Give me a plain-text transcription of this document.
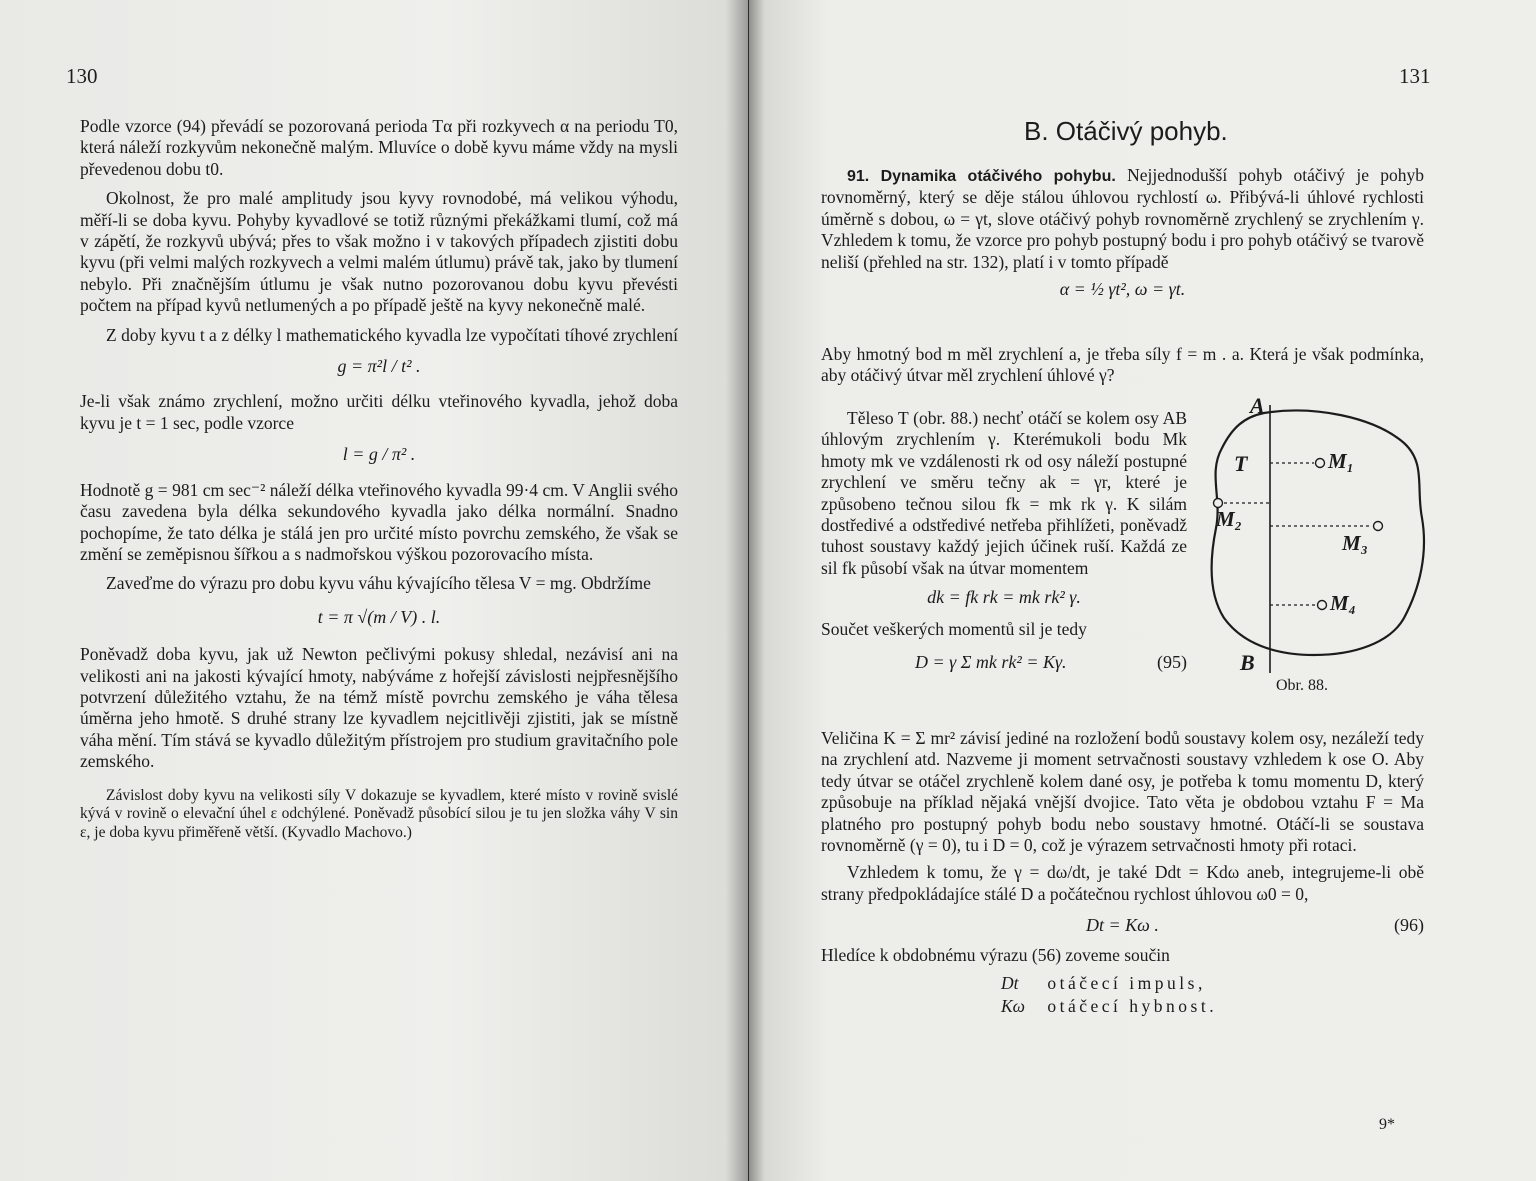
130

Podle vzorce (94) převádí se pozorovaná perioda Tα při rozkyvech α na periodu T0, která náleží rozkyvům nekonečně malým. Mluvíce o době kyvu máme vždy na mysli převedenou dobu t0.

Okolnost, že pro malé amplitudy jsou kyvy rovnodobé, má velikou výhodu, měří-li se doba kyvu. Pohyby kyvadlové se totiž různými překážkami tlumí, což má v zápětí, že rozkyvů ubývá; přes to však možno i v takových případech zjistiti dobu kyvu (při velmi malých rozkyvech a velmi malém útlumu) právě tak, jako by tlumení nebylo. Při značnějším útlumu je však nutno pozorovanou dobu kyvu převésti počtem na případ kyvů netlumených a po případě ještě na kyvy nekonečně malé.

Z doby kyvu t a z délky l mathematického kyvadla lze vypočítati tíhové zrychlení

g = π²l / t² .

Je-li však známo zrychlení, možno určiti délku vteřinového kyvadla, jehož doba kyvu je t = 1 sec, podle vzorce

l = g / π² .

Hodnotě g = 981 cm sec⁻² náleží délka vteřinového kyvadla 99·4 cm. V Anglii svého času zavedena byla délka sekundového kyvadla jako délka normální. Snadno pochopíme, že tato délka je stálá jen pro určité místo povrchu zemského, že však se změní se zeměpisnou šířkou a s nadmořskou výškou pozorovacího místa.

Zaveďme do výrazu pro dobu kyvu váhu kývajícího tělesa V = mg. Obdržíme

t = π √(m / V) . l.

Poněvadž doba kyvu, jak už Newton pečlivými pokusy shledal, nezávisí ani na velikosti ani na jakosti kývající hmoty, nabýváme z hořejší závislosti nejpřesnějšího potvrzení důležitého vztahu, že na témž místě povrchu zemského je váha tělesa úměrna jeho hmotě. S druhé strany lze kyvadlem nejcitlivěji zjistiti, jak se místně váha mění. Tím stává se kyvadlo důležitým přístrojem pro studium gravitačního pole zemského.

Závislost doby kyvu na velikosti síly V dokazuje se kyvadlem, které místo v rovině svislé kývá v rovině o elevační úhel ε odchýlené. Poněvadž působící silou je tu jen složka váhy V sin ε, je doba kyvu přiměřeně větší. (Kyvadlo Machovo.)

131
B. Otáčivý pohyb.

91. Dynamika otáčivého pohybu. Nejjednodušší pohyb otáčivý je pohyb rovnoměrný, který se děje stálou úhlovou rychlostí ω. Přibývá-li úhlové rychlosti úměrně s dobou, ω = γt, slove otáčivý pohyb rovnoměrně zrychlený se zrychlením γ. Vzhledem k tomu, že vzorce pro pohyb postupný bodu i pro pohyb otáčivý se tvarově neliší (přehled na str. 132), platí i v tomto případě

α = ½ γt², ω = γt.

Aby hmotný bod m měl zrychlení a, je třeba síly f = m . a. Která je však podmínka, aby otáčivý útvar měl zrychlení úhlové γ?

Těleso T (obr. 88.) nechť otáčí se kolem osy AB úhlovým zrychlením γ. Kterémukoli bodu Mk hmoty mk ve vzdálenosti rk od osy náleží postupné zrychlení ve směru tečny ak = γr, které je způsobeno tečnou silou fk = mk rk γ. K silám dostředivé a odstředivé netřeba přihlížeti, poněvadž tuhost soustavy každý jejich účinek ruší. Každá ze sil fk působí však na útvar momentem

dk = fk rk = mk rk² γ.

Součet veškerých momentů sil je tedy

D = γ Σ mk rk² = Kγ.	(95)
A
B
T	M₁
M₂
M₃
M₄
Obr. 88.

Veličina K = Σ mr² závisí jediné na rozložení bodů soustavy kolem osy, nezáleží tedy na zrychlení atd. Nazveme ji moment setrvačnosti soustavy vzhledem k ose O. Aby tedy útvar se otáčel zrychleně kolem dané osy, je potřeba k tomu momentu D, který způsobuje na příklad nějaká vnější dvojice. Tato věta je obdobou vztahu F = Ma platného pro postupný pohyb bodu nebo soustavy hmotné. Otáčí-li se soustava rovnoměrně (γ = 0), tu i D = 0, což je výrazem setrvačnosti hmoty při rotaci.

Vzhledem k tomu, že γ = dω/dt, je také Ddt = Kdω aneb, integrujeme-li obě strany předpokládajíce stálé D a počátečnou rychlost úhlovou ω0 = 0,

Dt = Kω .	(96)

Hledíce k obdobnému výrazu (56) zoveme součin

Dt otáčecí impuls,
Kω otáčecí hybnost.
9*
